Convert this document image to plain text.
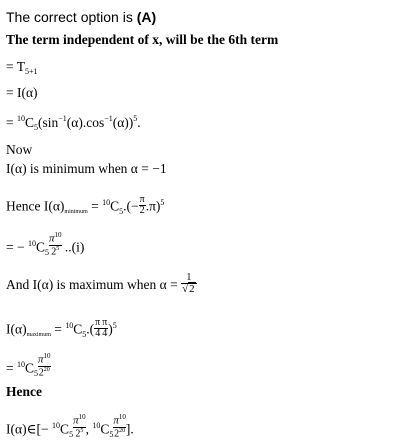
The correct option is (A)
The term independent of x, will be the 6th term
= $T_{5+1}$
= I(α)
= $^{10}C_5(\sin^{-1}(\alpha).\cos^{-1}(\alpha))^5$.
Now
I(α) is minimum when α = −1
Hence I(α)minimum = $^{10}C_5.(- \frac{\pi}{2} .\pi)^5$
= − $^{10}C_5 \frac{\pi^{10}}{2^5} ..(i)$
And I(α) is maximum when $\alpha = \frac{1}{√2}$
I(α)maximum = $^{10}C_5.( \frac{\pi}{4} \frac{\pi}{4} )^5$
= $^{10}C_5 \frac{\pi^{10}}{2^{20}}$
Hence
I(α)∈[− $^{10}C_5 \frac{\pi^{10}}{2^5}$ , $^{10}C_5 \frac{\pi^{10}}{2^{20}}$ ].
